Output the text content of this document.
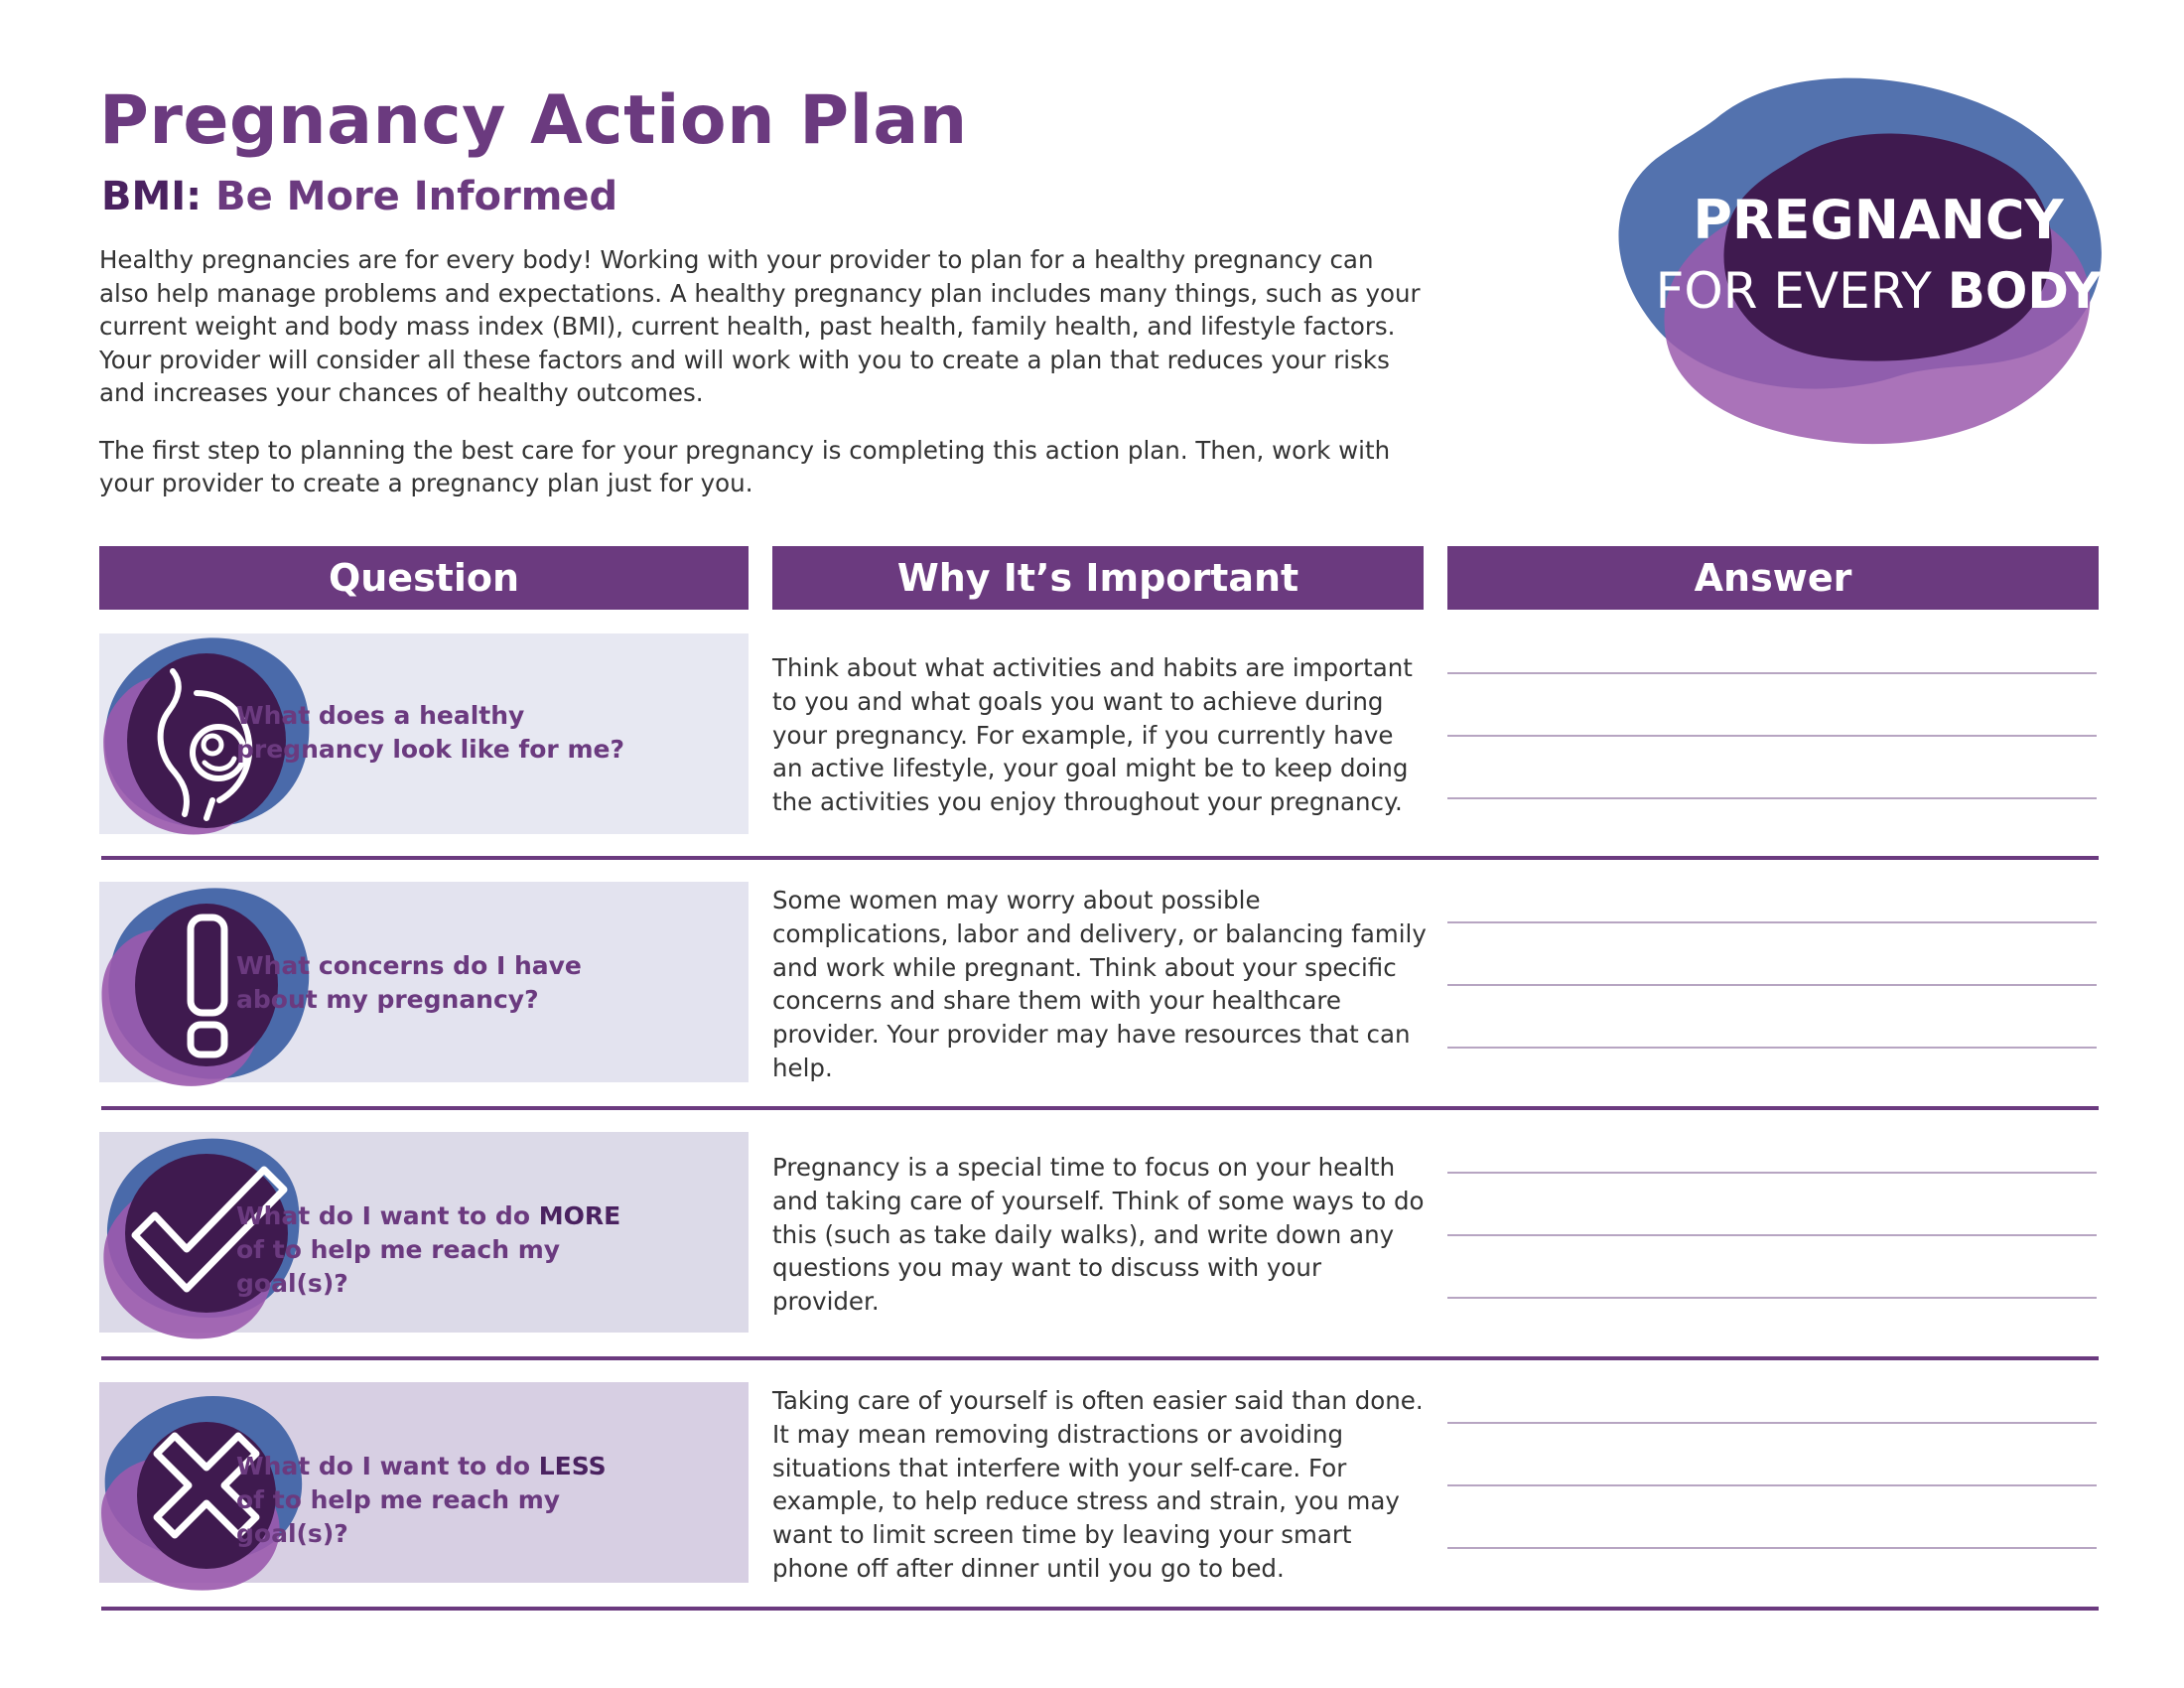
Pregnancy Action Plan
BMI: Be More Informed

Healthy pregnancies are for every body! Working with your provider to plan for a healthy pregnancy can also help manage problems and expectations. A healthy pregnancy plan includes many things, such as your current weight and body mass index (BMI), current health, past health, family health, and lifestyle factors. Your provider will consider all these factors and will work with you to create a plan that reduces your risks and increases your chances of healthy outcomes.

The first step to planning the best care for your pregnancy is completing this action plan. Then, work with your provider to create a pregnancy plan just for you.

PREGNANCY
FOR EVERY BODY
Question	Why It’s Important	Answer
What does a healthy pregnancy look like for me?
Think about what activities and habits are important to you and what goals you want to achieve during your pregnancy. For example, if you currently have an active lifestyle, your goal might be to keep doing the activities you enjoy throughout your pregnancy.
What concerns do I have about my pregnancy?
Some women may worry about possible complications, labor and delivery, or balancing family and work while pregnant. Think about your specific concerns and share them with your healthcare provider. Your provider may have resources that can help.
What do I want to do MORE of to help me reach my goal(s)?
Pregnancy is a special time to focus on your health and taking care of yourself. Think of some ways to do this (such as take daily walks), and write down any questions you may want to discuss with your provider.
What do I want to do LESS of to help me reach my goal(s)?
Taking care of yourself is often easier said than done. It may mean removing distractions or avoiding situations that interfere with your self-care. For example, to help reduce stress and strain, you may want to limit screen time by leaving your smart phone off after dinner until you go to bed.
